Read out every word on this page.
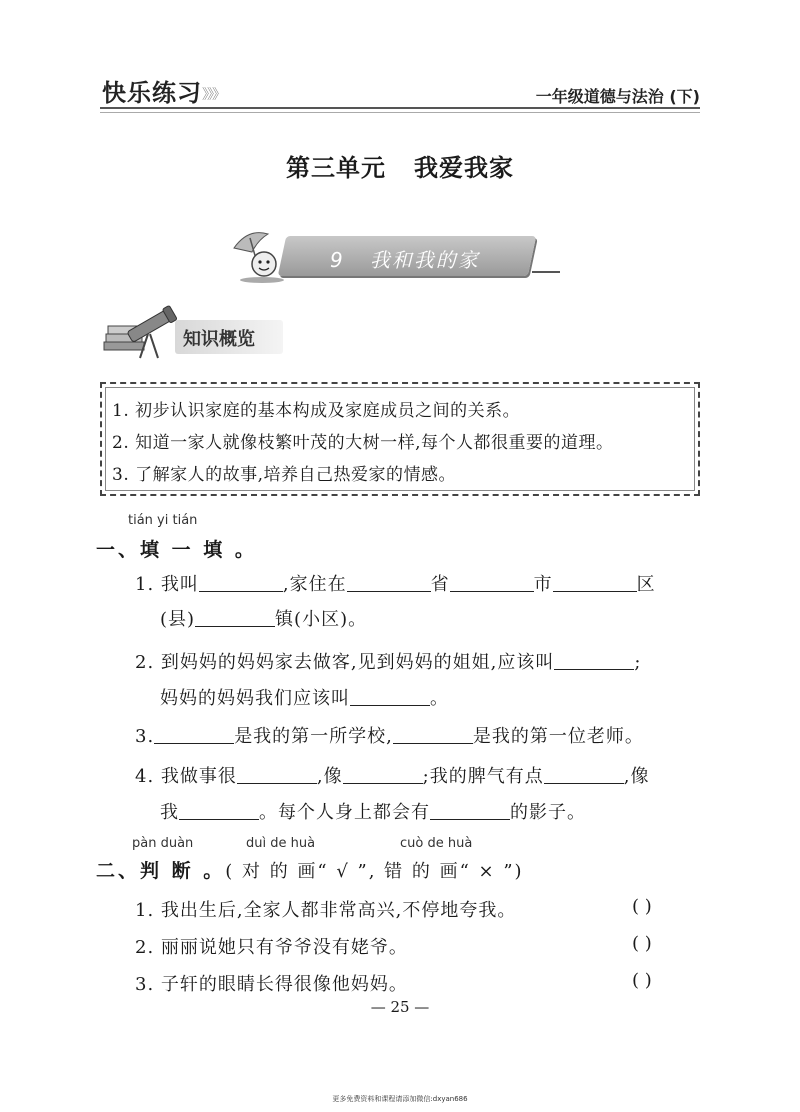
快乐练习 》》》	一年级道德与法治 (下)
第三单元 我爱我家
9 我和我的家
知识概览
1. 初步认识家庭的基本构成及家庭成员之间的关系。
2. 知道一家人就像枝繁叶茂的大树一样,每个人都很重要的道理。
3. 了解家人的故事,培养自己热爱家的情感。
tián yi tián
一、填 一 填 。
1. 我叫	,家住在	省	市	区
(县)	镇(小区)。
2. 到妈妈的妈妈家去做客,见到妈妈的姐姐,应该叫	;
妈妈的妈妈我们应该叫	。
3.	是我的第一所学校,	是我的第一位老师。
4. 我做事很	,像	;我的脾气有点	,像
我	。每个人身上都会有	的影子。
pàn duàn	duì de huà	cuò de huà
二、判 断 。( 对 的 画“ √ ”, 错 的 画“ × ”)
1. 我出生后,全家人都非常高兴,不停地夸我。	( )
2. 丽丽说她只有爷爷没有姥爷。	( )
3. 子轩的眼睛长得很像他妈妈。	( )
— 25 —
更多免费资料和课程请添加微信:dxyan686
